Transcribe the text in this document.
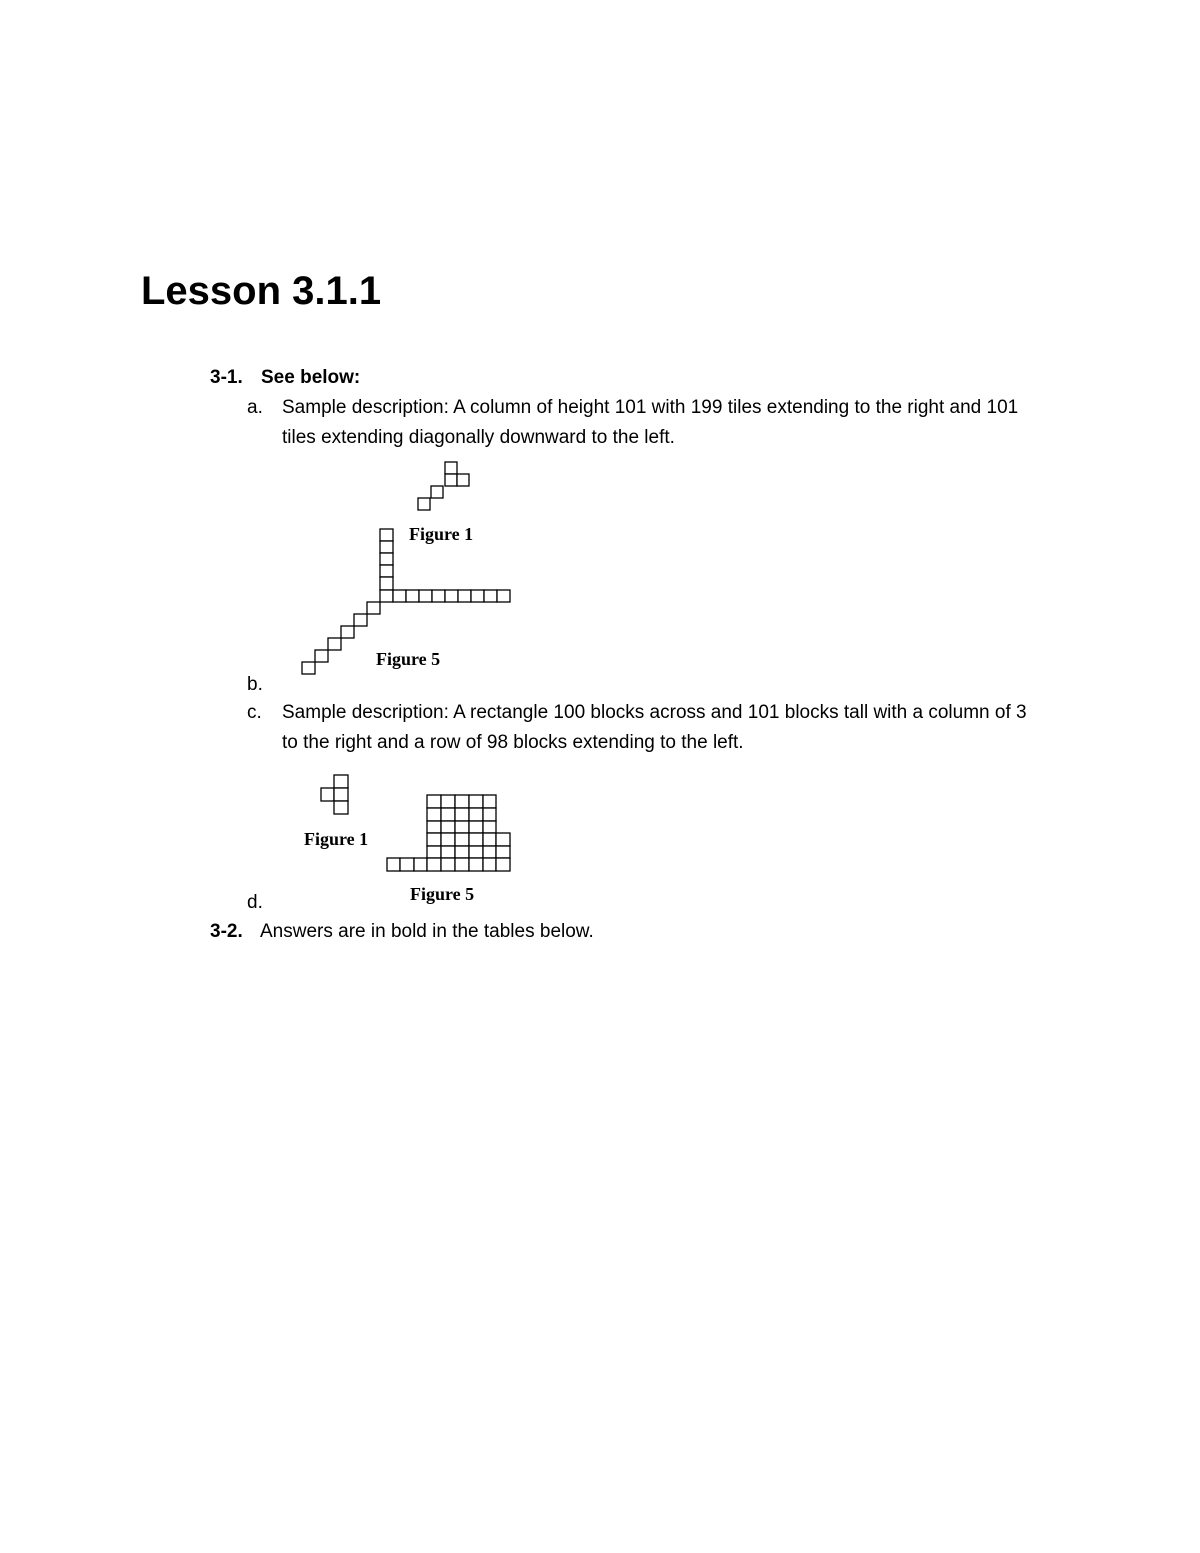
Lesson 3.1.1
3-1. See below:
a. Sample description: A column of height 101 with 199 tiles extending to the right and 101 tiles extending diagonally downward to the left.
Figure 1
Figure 5
b.
c. Sample description: A rectangle 100 blocks across and 101 blocks tall with a column of 3 to the right and a row of 98 blocks extending to the left.
Figure 1
Figure 5
d.
3-2. Answers are in bold in the tables below.
